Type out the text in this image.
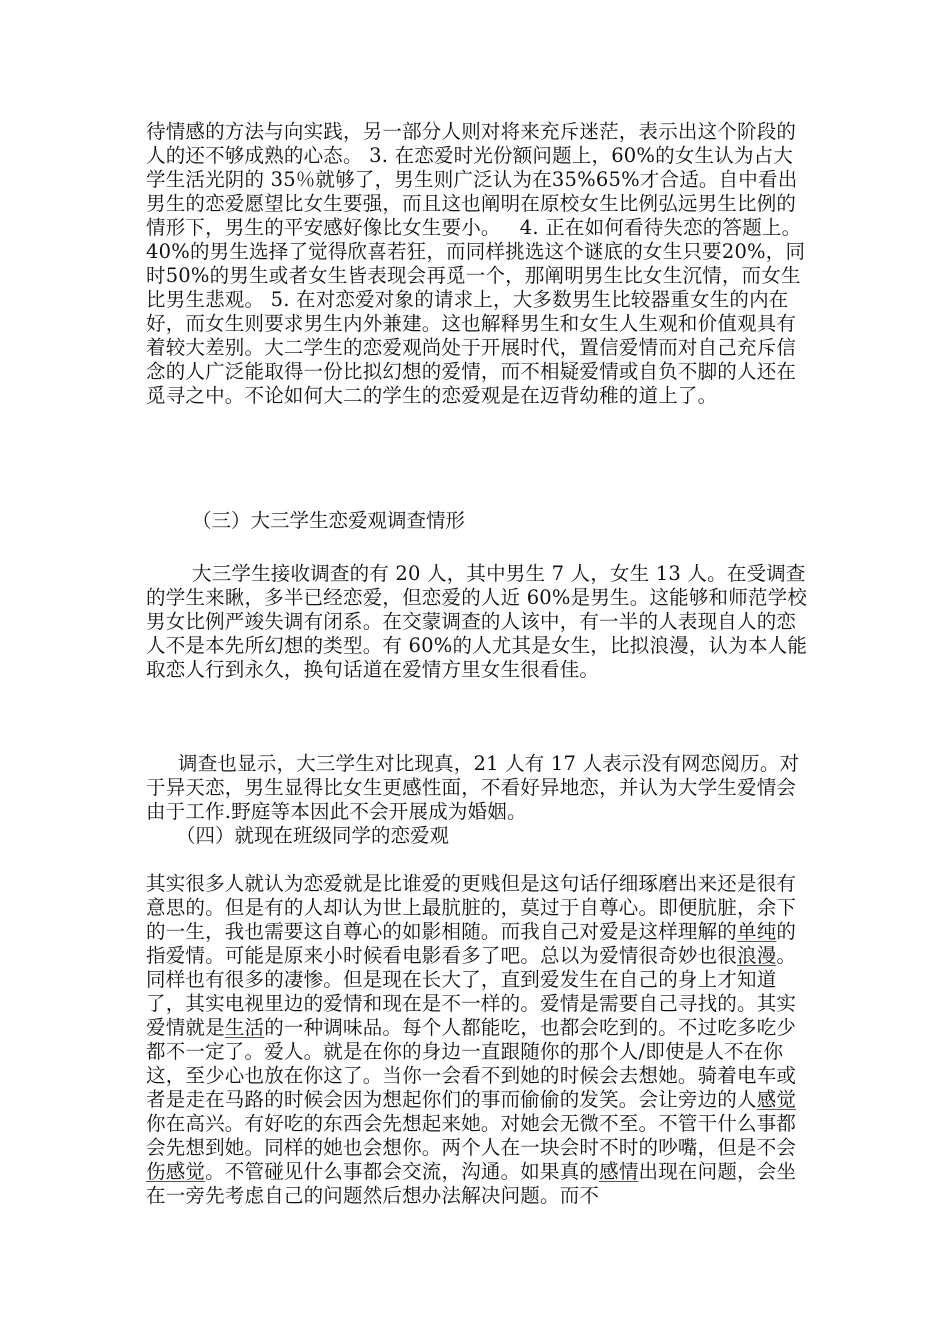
待情感的方法与向实践，另一部分人则对将来充斥迷茫，表示出这个阶段的人的还不够成熟的心态。 3. 在恋爱时光份额问题上，60%的女生认为占大学生活光阴的 35％就够了，男生则广泛认为在35%65%才合适。自中看出男生的恋爱愿望比女生要强，而且这也阐明在原校女生比例弘远男生比例的情形下，男生的平安感好像比女生要小。   4. 正在如何看待失恋的答题上。40%的男生选择了觉得欣喜若狂，而同样挑选这个谜底的女生只要20%，同时50%的男生或者女生皆表现会再觅一个，那阐明男生比女生沉情，而女生比男生悲观。 5. 在对恋爱对象的请求上，大多数男生比较器重女生的内在好，而女生则要求男生内外兼建。这也解释男生和女生人生观和价值观具有着较大差别。大二学生的恋爱观尚处于开展时代，置信爱情而对自己充斥信念的人广泛能取得一份比拟幻想的爱情，而不相疑爱情或自负不脚的人还在觅寻之中。不论如何大二的学生的恋爱观是在迈背幼稚的道上了。

（三）大三学生恋爱观调查情形

大三学生接收调查的有 20 人，其中男生 7 人，女生 13 人。在受调查的学生来瞅，多半已经恋爱，但恋爱的人近 60%是男生。这能够和师范学校男女比例严竣失调有闭系。在交蒙调查的人该中，有一半的人表现自人的恋人不是本先所幻想的类型。有 60%的人尤其是女生，比拟浪漫，认为本人能取恋人行到永久，换句话道在爱情方里女生很看佳。

调查也显示，大三学生对比现真，21 人有 17 人表示没有网恋阅历。对于异天恋，男生显得比女生更感性面，不看好异地恋，并认为大学生爱情会由于工作.野庭等本因此不会开展成为婚姻。

（四）就现在班级同学的恋爱观

其实很多人就认为恋爱就是比谁爱的更贱但是这句话仔细琢磨出来还是很有意思的。但是有的人却认为世上最肮脏的，莫过于自尊心。即便肮脏，余下的一生，我也需要这自尊心的如影相随。而我自己对爱是这样理解的单纯的指爱情。可能是原来小时候看电影看多了吧。总以为爱情很奇妙也很浪漫。同样也有很多的凄惨。但是现在长大了，直到爱发生在自己的身上才知道了，其实电视里边的爱情和现在是不一样的。爱情是需要自己寻找的。其实爱情就是生活的一种调味品。每个人都能吃，也都会吃到的。不过吃多吃少都不一定了。爱人。就是在你的身边一直跟随你的那个人/即使是人不在你这，至少心也放在你这了。当你一会看不到她的时候会去想她。骑着电车或者是走在马路的时候会因为想起你们的事而偷偷的发笑。会让旁边的人感觉你在高兴。有好吃的东西会先想起来她。对她会无微不至。不管干什么事都会先想到她。同样的她也会想你。两个人在一块会时不时的吵嘴，但是不会伤感觉。不管碰见什么事都会交流，沟通。如果真的感情出现在问题，会坐在一旁先考虑自己的问题然后想办法解决问题。而不
